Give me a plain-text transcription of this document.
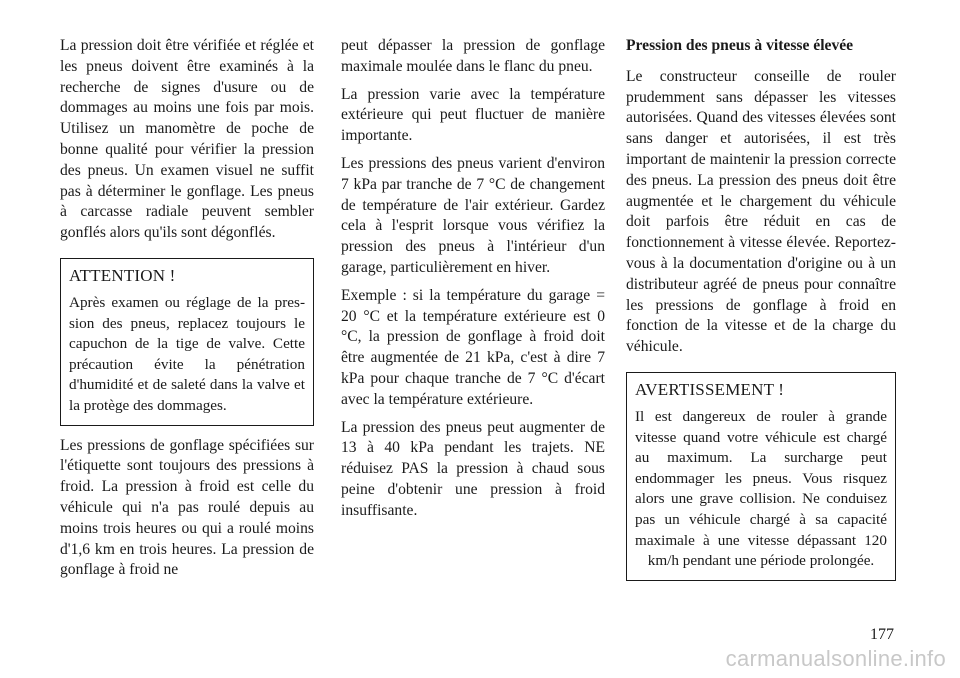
La pression doit être vérifiée et réglée et les pneus doivent être examinés à la recherche de signes d'usure ou de dommages au moins une fois par mois. Utilisez un manomètre de poche de bonne qualité pour vérifier la pression des pneus. Un examen visuel ne suffit pas à déterminer le gonflage. Les pneus à carcasse radiale peuvent sembler gonflés alors qu'ils sont dégonflés.

ATTENTION !

Après examen ou réglage de la pression des pneus, replacez toujours le capuchon de la tige de valve. Cette précaution évite la pénétration d'humidité et de saleté dans la valve et la protège des dommages.

Les pressions de gonflage spécifiées sur l'étiquette sont toujours des pressions à froid. La pression à froid est celle du véhicule qui n'a pas roulé depuis au moins trois heures ou qui a roulé moins d'1,6 km en trois heures. La pression de gonflage à froid ne

peut dépasser la pression de gonflage maximale moulée dans le flanc du pneu.

La pression varie avec la température extérieure qui peut fluctuer de manière importante.

Les pressions des pneus varient d'environ 7 kPa par tranche de 7 °C de changement de température de l'air extérieur. Gardez cela à l'esprit lorsque vous vérifiez la pression des pneus à l'intérieur d'un garage, particulièrement en hiver.

Exemple : si la température du garage = 20 °C et la température extérieure est 0 °C, la pression de gonflage à froid doit être augmentée de 21 kPa, c'est à dire 7 kPa pour chaque tranche de 7 °C d'écart avec la température extérieure.

La pression des pneus peut augmenter de 13 à 40 kPa pendant les trajets. NE réduisez PAS la pression à chaud sous peine d'obtenir une pression à froid insuffisante.

Pression des pneus à vitesse élevée

Le constructeur conseille de rouler prudemment sans dépasser les vitesses autorisées. Quand des vitesses élevées sont sans danger et autorisées, il est très important de maintenir la pression correcte des pneus. La pression des pneus doit être augmentée et le chargement du véhicule doit parfois être réduit en cas de fonctionnement à vitesse élevée. Reportez-vous à la documentation d'origine ou à un distributeur agréé de pneus pour connaître les pressions de gonflage à froid en fonction de la vitesse et de la charge du véhicule.

AVERTISSEMENT !

Il est dangereux de rouler à grande vitesse quand votre véhicule est chargé au maximum. La surcharge peut endommager les pneus. Vous risquez alors une grave collision. Ne conduisez pas un véhicule chargé à sa capacité maximale à une vitesse dépassant 120 km/h pendant une période prolongée.

177
carmanualsonline.info
